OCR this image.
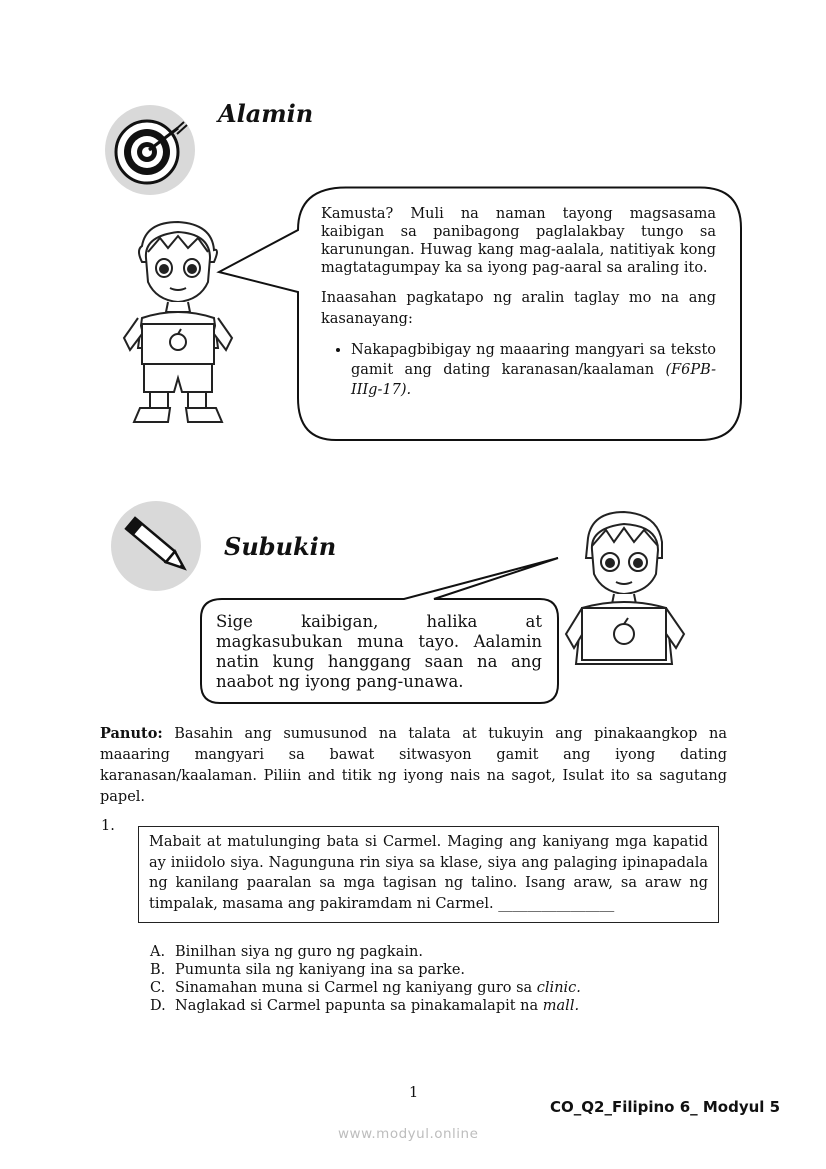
Alamin

Kamusta? Muli na naman tayong magsasama kaibigan sa panibagong paglalakbay tungo sa karunungan. Huwag kang mag-aalala, natitiyak kong magtatagumpay ka sa iyong pag-aaral sa araling ito.

Inaasahan pagkatapo ng aralin taglay mo na ang kasanayang:

• Nakapagbibigay ng maaaring mangyari sa teksto gamit ang dating karanasan/kaalaman (F6PB-IIIg-17).
Subukin

Sige kaibigan, halika at magkasubukan muna tayo. Aalamin natin kung hanggang saan na ang naabot ng iyong pang-unawa.

Panuto: Basahin ang sumusunod na talata at tukuyin ang pinakaangkop na maaaring mangyari sa bawat sitwasyon gamit ang iyong dating karanasan/kaalaman. Piliin and titik ng iyong nais na sagot, Isulat ito sa sagutang papel.
1.
Mabait at matulunging bata si Carmel. Maging ang kaniyang mga kapatid ay iniidolo siya. Nagunguna rin siya sa klase, siya ang palaging ipinapadala ng kanilang paaralan sa mga tagisan ng talino. Isang araw, sa araw ng timpalak, masama ang pakiramdam ni Carmel. ________________
A. Binilhan siya ng guro ng pagkain.
B. Pumunta sila ng kaniyang ina sa parke.
C. Sinamahan muna si Carmel ng kaniyang guro sa clinic.
D. Naglakad si Carmel papunta sa pinakamalapit na mall.
1
CO_Q2_Filipino 6_ Modyul 5
www.modyul.online
